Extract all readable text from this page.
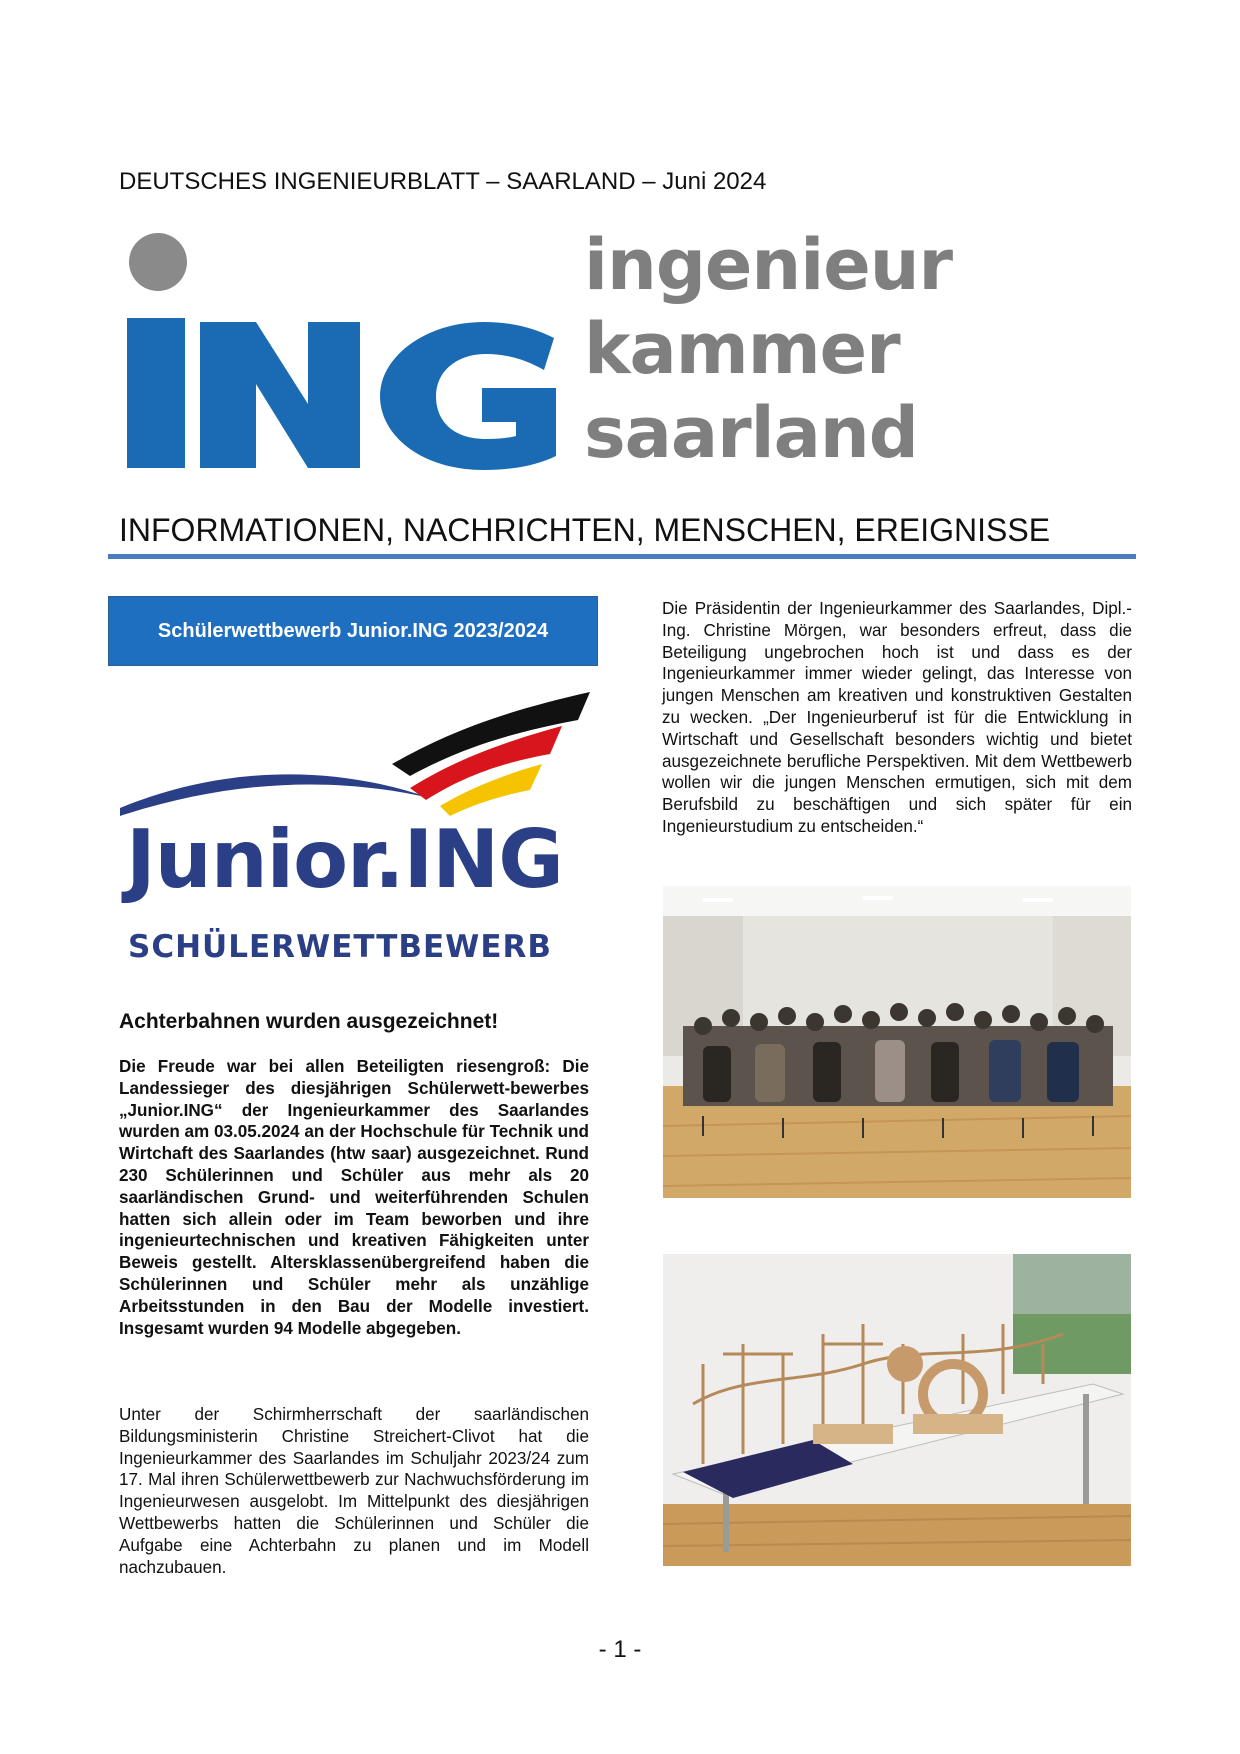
DEUTSCHES INGENIEURBLATT – SAARLAND – Juni 2024
ingenieur
kammer
saarland
INFORMATIONEN, NACHRICHTEN, MENSCHEN, EREIGNISSE
Schülerwettbewerb Junior.ING 2023/2024
Junior.ING
SCHÜLERWETTBEWERB
Achterbahnen wurden ausgezeichnet!
Die Freude war bei allen Beteiligten riesengroß: Die Landessieger des diesjährigen Schülerwett-bewerbes „Junior.ING“ der Ingenieurkammer des Saarlandes wurden am 03.05.2024 an der Hochschule für Technik und Wirtchaft des Saarlandes (htw saar) ausgezeichnet. Rund 230 Schülerinnen und Schüler aus mehr als 20 saarländischen Grund- und weiterführenden Schulen hatten sich allein oder im Team beworben und ihre ingenieurtechnischen und kreativen Fähigkeiten unter Beweis gestellt. Altersklassenübergreifend haben die Schülerinnen und Schüler mehr als unzählige Arbeitsstunden in den Bau der Modelle investiert. Insgesamt wurden 94 Modelle abgegeben.
Unter der Schirmherrschaft der saarländischen Bildungsministerin Christine Streichert-Clivot hat die Ingenieurkammer des Saarlandes im Schuljahr 2023/24 zum 17. Mal ihren Schülerwettbewerb zur Nachwuchsförderung im Ingenieurwesen ausgelobt. Im Mittelpunkt des diesjährigen Wettbewerbs hatten die Schülerinnen und Schüler die Aufgabe eine Achterbahn zu planen und im Modell nachzubauen.
Die Präsidentin der Ingenieurkammer des Saarlandes, Dipl.-Ing. Christine Mörgen, war besonders erfreut, dass die Beteiligung ungebrochen hoch ist und dass es der Ingenieurkammer immer wieder gelingt, das Interesse von jungen Menschen am kreativen und konstruktiven Gestalten zu wecken. „Der Ingenieurberuf ist für die Entwicklung in Wirtschaft und Gesellschaft besonders wichtig und bietet ausgezeichnete berufliche Perspektiven. Mit dem Wettbewerb wollen wir die jungen Menschen ermutigen, sich mit dem Berufsbild zu beschäftigen und sich später für ein Ingenieurstudium zu entscheiden.“
- 1 -
